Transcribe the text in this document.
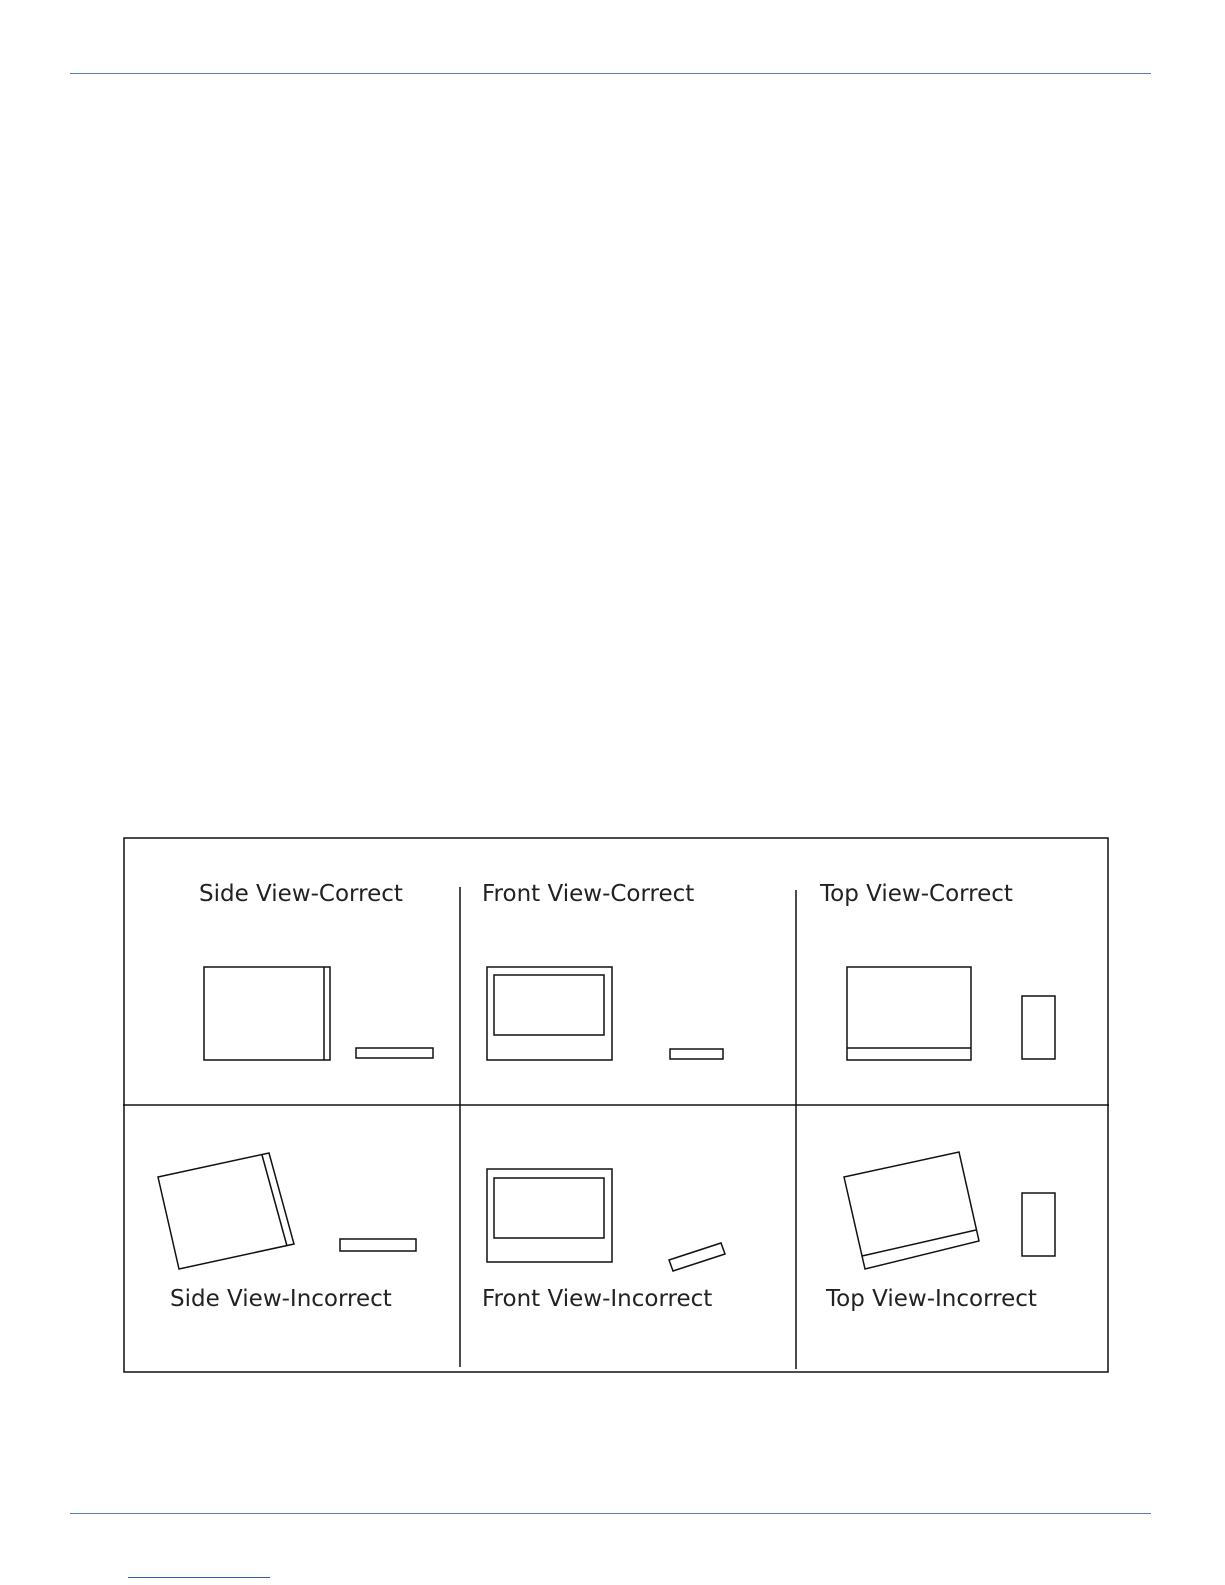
Side View-Correct	Front View-Correct	Top View-Correct
Side View-Incorrect	Front View-Incorrect	Top View-Incorrect
